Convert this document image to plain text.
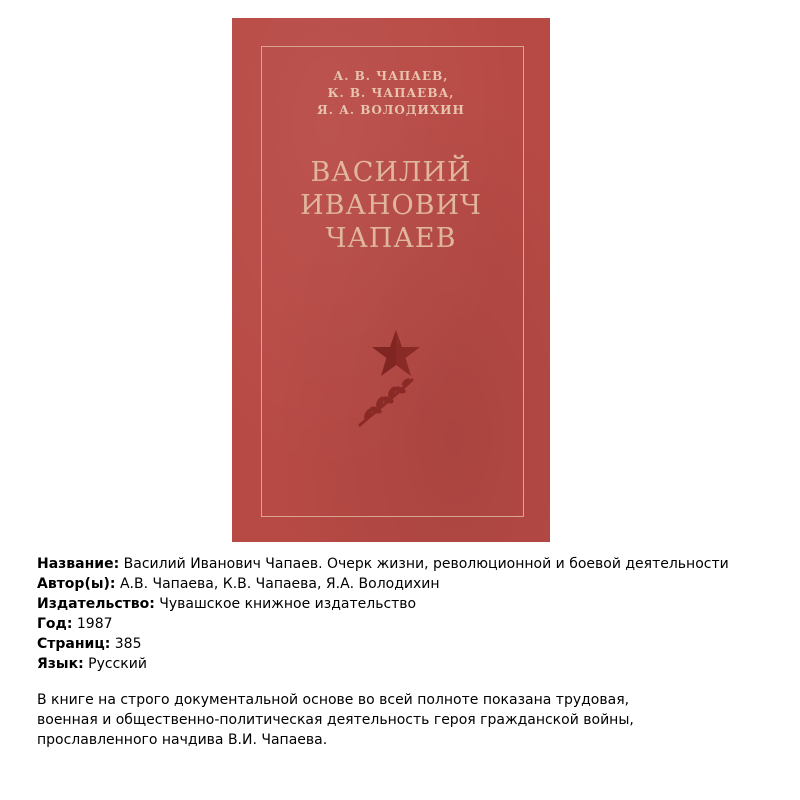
А. В. ЧАПАЕВ,
К. В. ЧАПАЕВА,
Я. А. ВОЛОДИХИН
ВАСИЛИЙ
ИВАНОВИЧ
ЧАПАЕВ
Название: Василий Иванович Чапаев. Очерк жизни, революционной и боевой деятельности
Автор(ы): А.В. Чапаева, К.В. Чапаева, Я.А. Володихин
Издательство: Чувашское книжное издательство
Год: 1987
Страниц: 385
Язык: Русский
В книге на строго документальной основе во всей полноте показана трудовая,
военная и общественно-политическая деятельность героя гражданской войны,
прославленного начдива В.И. Чапаева.
